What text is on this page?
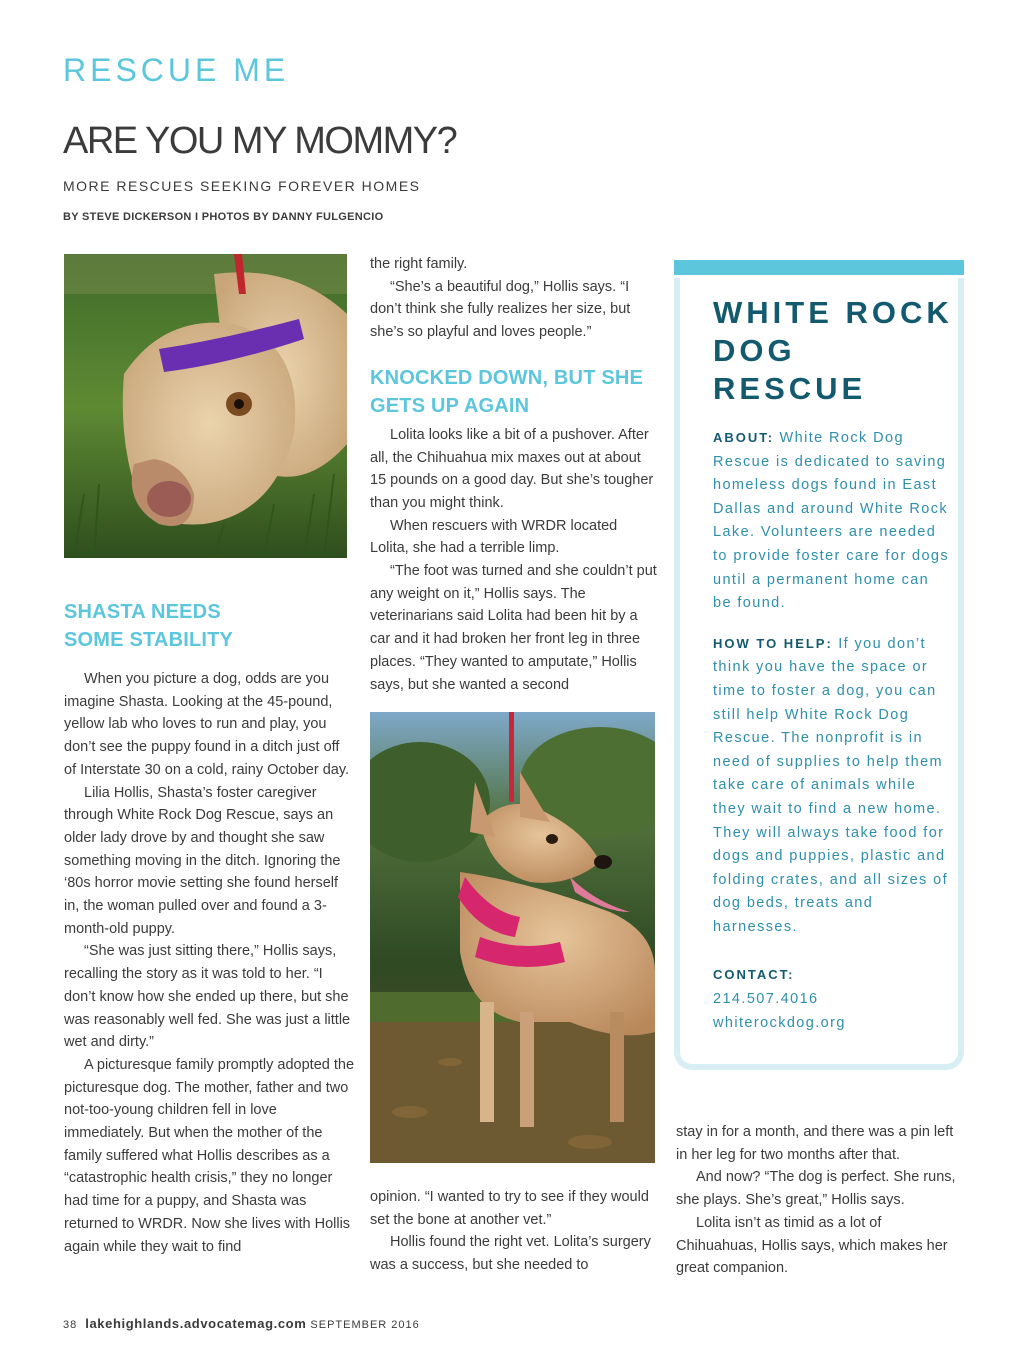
RESCUE ME
ARE YOU MY MOMMY?
MORE RESCUES SEEKING FOREVER HOMES
BY STEVE DICKERSON I PHOTOS BY DANNY FULGENCIO
SHASTA NEEDS SOME STABILITY

When you picture a dog, odds are you imagine Shasta. Looking at the 45-pound, yellow lab who loves to run and play, you don’t see the puppy found in a ditch just off of Interstate 30 on a cold, rainy October day.

Lilia Hollis, Shasta’s foster caregiver through White Rock Dog Rescue, says an older lady drove by and thought she saw something moving in the ditch. Ignoring the ‘80s horror movie setting she found herself in, the woman pulled over and found a 3-month-old puppy.

“She was just sitting there,” Hollis says, recalling the story as it was told to her. “I don’t know how she ended up there, but she was reasonably well fed. She was just a little wet and dirty.”

A picturesque family promptly adopted the picturesque dog. The mother, father and two not-too-young children fell in love immediately. But when the mother of the family suffered what Hollis describes as a “catastrophic health crisis,” they no longer had time for a puppy, and Shasta was returned to WRDR. Now she lives with Hollis again while they wait to find

the right family.

“She’s a beautiful dog,” Hollis says. “I don’t think she fully realizes her size, but she’s so playful and loves people.”

KNOCKED DOWN, BUT SHE GETS UP AGAIN

Lolita looks like a bit of a pushover. After all, the Chihuahua mix maxes out at about 15 pounds on a good day. But she’s tougher than you might think.

When rescuers with WRDR located Lolita, she had a terrible limp.

“The foot was turned and she couldn’t put any weight on it,” Hollis says. The veterinarians said Lolita had been hit by a car and it had broken her front leg in three places. “They wanted to amputate,” Hollis says, but she wanted a second

opinion. “I wanted to try to see if they would set the bone at another vet.”

Hollis found the right vet. Lolita’s surgery was a success, but she needed to

WHITE ROCK
DOG RESCUE

ABOUT: White Rock Dog Rescue is dedicated to saving homeless dogs found in East Dallas and around White Rock Lake. Volunteers are needed to provide foster care for dogs until a permanent home can be found.

HOW TO HELP: If you don’t think you have the space or time to foster a dog, you can still help White Rock Dog Rescue. The nonprofit is in need of supplies to help them take care of animals while they wait to find a new home. They will always take food for dogs and puppies, plastic and folding crates, and all sizes of dog beds, treats and harnesses.

CONTACT:

214.507.4016

whiterockdog.org

stay in for a month, and there was a pin left in her leg for two months after that.

And now? “The dog is perfect. She runs, she plays. She’s great,” Hollis says.

Lolita isn’t as timid as a lot of Chihuahuas, Hollis says, which makes her great companion.

38 lakehighlands.advocatemag.com SEPTEMBER 2016
